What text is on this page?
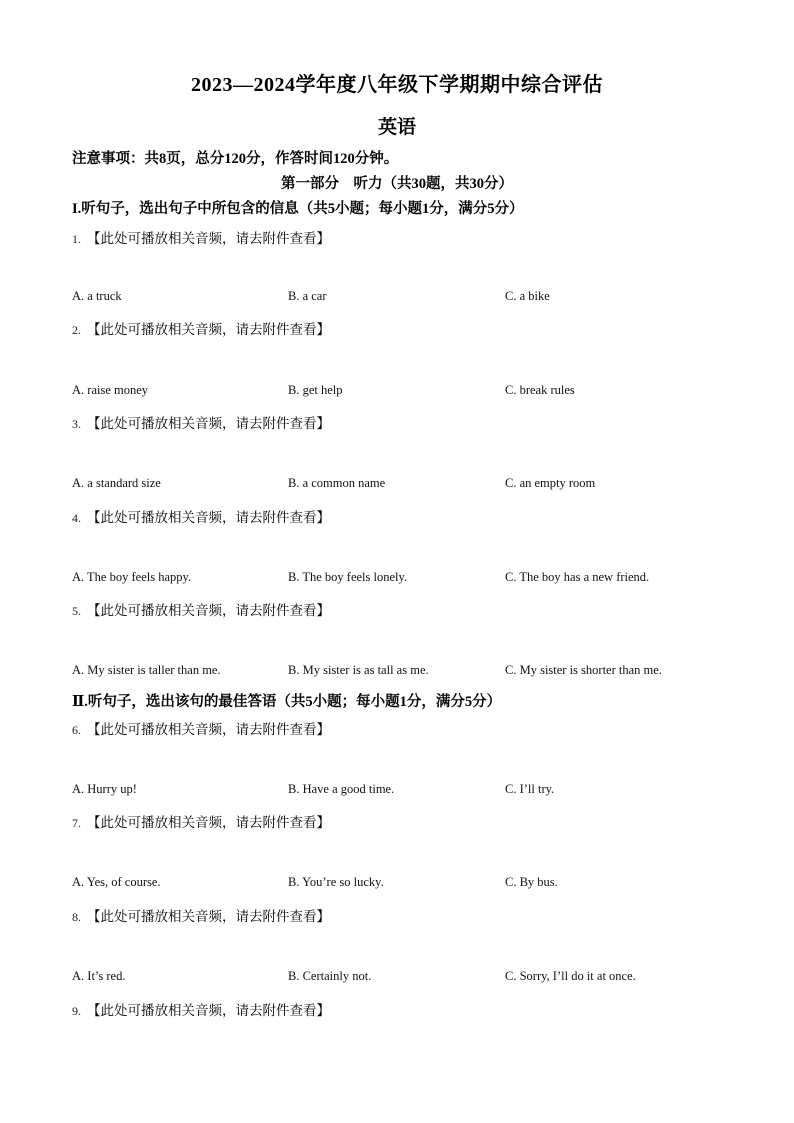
2023—2024学年度八年级下学期期中综合评估
英语
注意事项：共8页，总分120分，作答时间120分钟。
第一部分　听力（共30题，共30分）
I.听句子，选出句子中所包含的信息（共5小题；每小题1分，满分5分）
1. 【此处可播放相关音频，请去附件查看】
A. a truck	B. a car	C. a bike
2. 【此处可播放相关音频，请去附件查看】
A. raise money	B. get help	C. break rules
3. 【此处可播放相关音频，请去附件查看】
A. a standard size	B. a common name	C. an empty room
4. 【此处可播放相关音频，请去附件查看】
A. The boy feels happy.	B. The boy feels lonely.	C. The boy has a new friend.
5. 【此处可播放相关音频，请去附件查看】
A. My sister is taller than me.	B. My sister is as tall as me.	C. My sister is shorter than me.
Ⅱ.听句子，选出该句的最佳答语（共5小题；每小题1分，满分5分）
6. 【此处可播放相关音频，请去附件查看】
A. Hurry up!	B. Have a good time.	C. I’ll try.
7. 【此处可播放相关音频，请去附件查看】
A. Yes, of course.	B. You’re so lucky.	C. By bus.
8. 【此处可播放相关音频，请去附件查看】
A. It’s red.	B. Certainly not.	C. Sorry, I’ll do it at once.
9. 【此处可播放相关音频，请去附件查看】
